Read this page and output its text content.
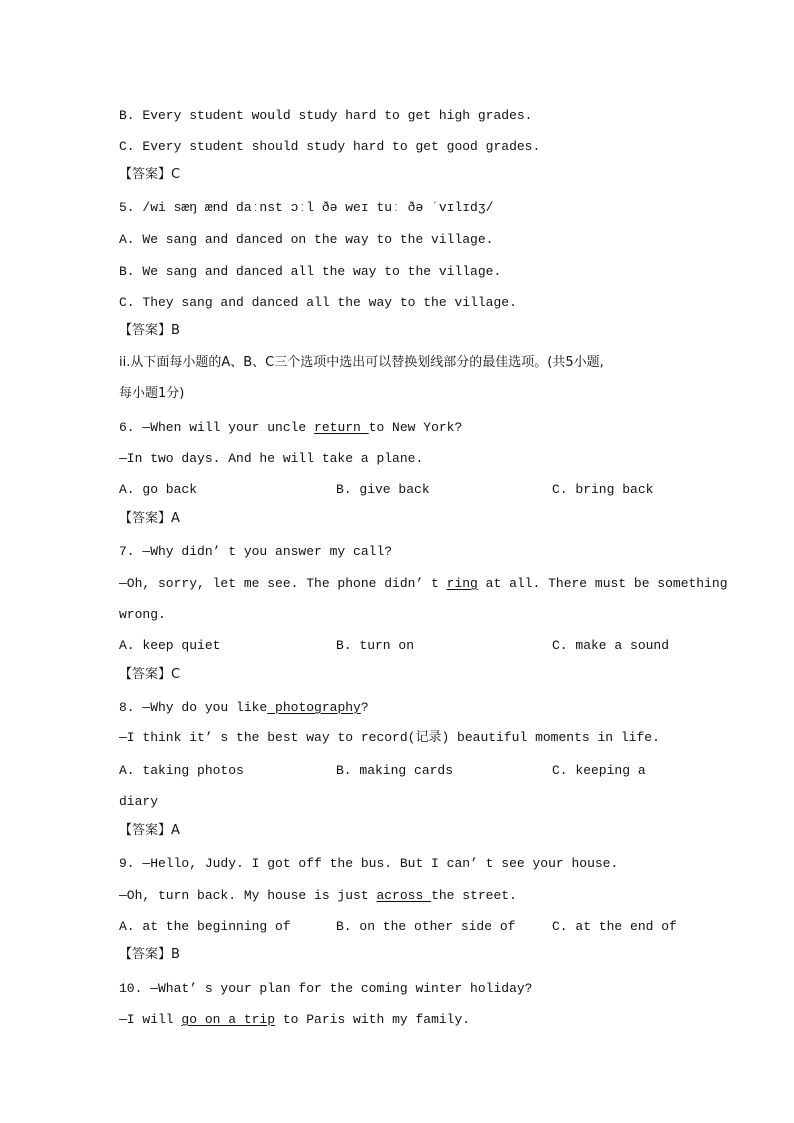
B. Every student would study hard to get high grades.
C. Every student should study hard to get good grades.
【答案】C
5. /wi sæŋ ænd daːnst ɔːl ðə weɪ tuː ðə ˈvɪlɪdʒ/
A. We sang and danced on the way to the village.
B. We sang and danced all the way to the village.
C. They sang and danced all the way to the village.
【答案】B
ii.从下面每小题的A、B、C三个选项中选出可以替换划线部分的最佳选项。(共5小题,
每小题1分)
6. —When will your uncle return to New York?
—In two days. And he will take a plane.
A. go back	B. give back	C. bring back
【答案】A
7. —Why didn’ t you answer my call?
—Oh, sorry, let me see. The phone didn’ t ring at all. There must be something
wrong.
A. keep quiet	B. turn on	C. make a sound
【答案】C
8. —Why do you like photography?
—I think it’ s the best way to record(记录) beautiful moments in life.
A. taking photos	B. making cards	C. keeping a
diary
【答案】A
9. —Hello, Judy. I got off the bus. But I can’ t see your house.
—Oh, turn back. My house is just across the street.
A. at the beginning of	B. on the other side of	C. at the end of
【答案】B
10. —What’ s your plan for the coming winter holiday?
—I will go on a trip to Paris with my family.
